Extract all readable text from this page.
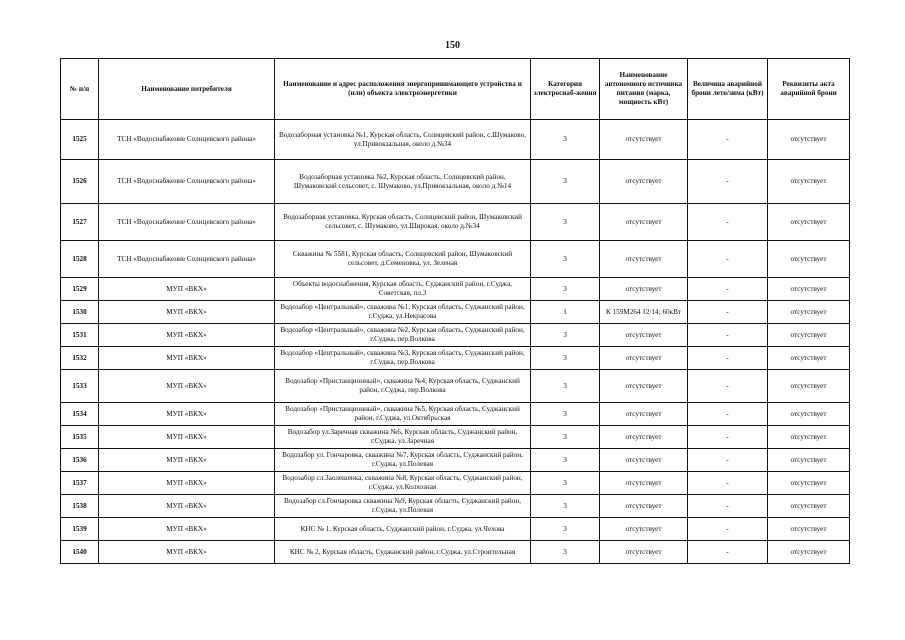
150
№ п/п	Наименование потребителя	Наименование и адрес расположения энергопринимающего устройства и (или) объекта электроэнергетики	Категория электроснаб-жения	Наименование автономного источника питания (марка, мощность кВт)	Величина аварийной брони лето/зима (кВт)	Реквизиты акта аварийной брони
1525	ТСН «Водоснабжение Солнцевского района»	Водозаборная установка №1, Курская область, Солнцевский район, с.Шумаково, ул.Привокзальная, около д.№34	3	отсутствует	-	отсутствует
1526	ТСН «Водоснабжение Солнцевского района»	Водозаборная установка №2, Курская область, Солнцевский район, Шумаковский сельсовет, с. Шумаково, ул.Привокзальная, около д.№14	3	отсутствует	-	отсутствует
1527	ТСН «Водоснабжение Солнцевского района»	Водозаборная установка, Курская область, Солнцевский район, Шумаковский сельсовет, с. Шумаково, ул.Широкая, около д.№34	3	отсутствует	-	отсутствует
1528	ТСН «Водоснабжение Солнцевского района»	Скважина № 5581, Курская область, Солнцевский район, Шумаковский сельсовет, д.Семеновка, ул. Зеленая	3	отсутствует	-	отсутствует
1529	МУП «ВКХ»	Объекты водоснабжения, Курская область, Суджанский район, г.Суджа, Советская, пл.3	3	отсутствует	-	отсутствует
1530	МУП «ВКХ»	Водозабор «Центральный», скважина №1, Курская область, Суджанский район, г.Суджа, ул.Некрасова	1	К 159М264 12/14; 60кВт	-	отсутствует
1531	МУП «ВКХ»	Водозабор «Центральный», скважина №2, Курская область, Суджанский район, г.Суджа, пер.Волкова	3	отсутствует	-	отсутствует
1532	МУП «ВКХ»	Водозабор «Центральный», скважина №3, Курская область, Суджанский район, г.Суджа, пер.Волкова	3	отсутствует	-	отсутствует
1533	МУП «ВКХ»	Водозабор «Пристанционный», скважина №4, Курская область, Суджанский район, г.Суджа, пер.Волкова	3	отсутствует	-	отсутствует
1534	МУП «ВКХ»	Водозабор «Пристанционный», скважина №5, Курская область, Суджанский район, г.Суджа, ул.Октябрьская	3	отсутствует	-	отсутствует
1535	МУП «ВКХ»	Водозабор ул.Заречная скважина №6, Курская область, Суджанский район, г.Суджа, ул.Заречная	3	отсутствует	-	отсутствует
1536	МУП «ВКХ»	Водозабор ул. Гончаровка, скважина №7, Курская область, Суджанский район, г.Суджа, ул.Полевая	3	отсутствует	-	отсутствует
1537	МУП «ВКХ»	Водозабор сл.Заолешенка, скважина №8, Курская область, Суджанский район, г.Суджа, ул.Колхозная	3	отсутствует	-	отсутствует
1538	МУП «ВКХ»	Водозабор сл.Гончаровка скважина №9, Курская область, Суджанский район, г.Суджа, ул.Полевая	3	отсутствует	-	отсутствует
1539	МУП «ВКХ»	КНС № 1, Курская область, Суджанский район, г.Суджа, ул.Чехова	3	отсутствует	-	отсутствует
1540	МУП «ВКХ»	КНС № 2, Курская область, Суджанский район, г.Суджа, ул.Строительная	3	отсутствует	-	отсутствует
